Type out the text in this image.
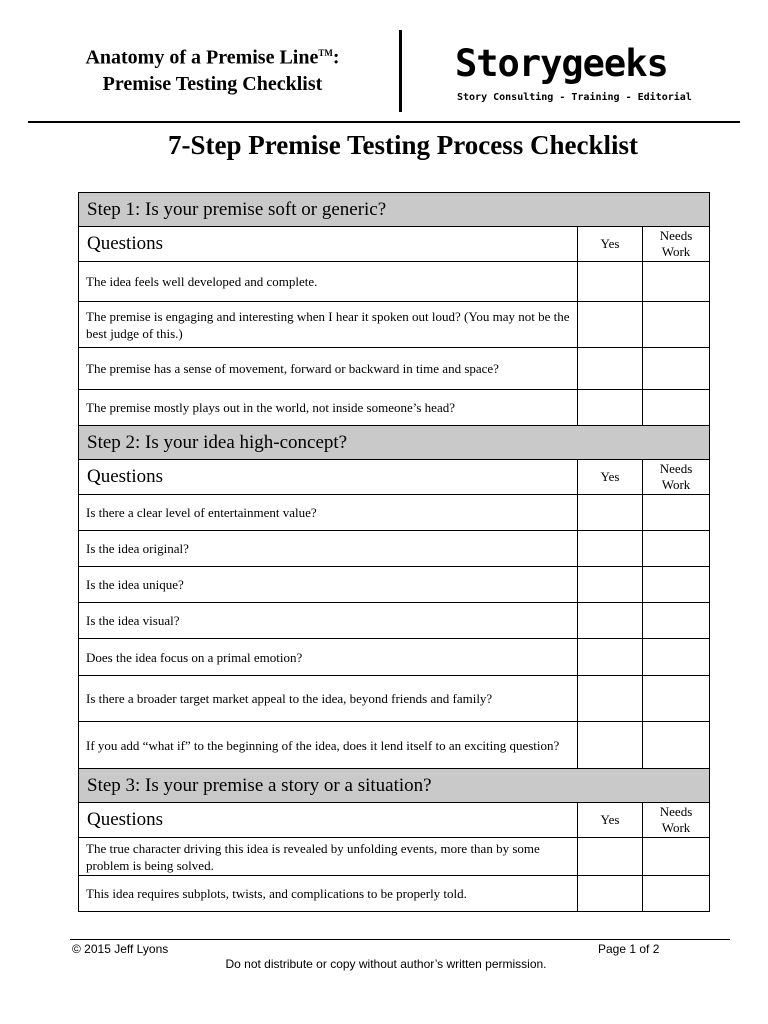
Anatomy of a Premise Line™:
Premise Testing Checklist	Storygeeks
Story Consulting - Training - Editorial
7-Step Premise Testing Process Checklist
Step 1: Is your premise soft or generic?		
Questions	Yes	Needs Work
The idea feels well developed and complete.		
The premise is engaging and interesting when I hear it spoken out loud? (You may not be the best judge of this.)		
The premise has a sense of movement, forward or backward in time and space?		
The premise mostly plays out in the world, not inside someone’s head?		
Step 2: Is your idea high-concept?		
Questions	Yes	Needs Work
Is there a clear level of entertainment value?		
Is the idea original?		
Is the idea unique?		
Is the idea visual?		
Does the idea focus on a primal emotion?		
Is there a broader target market appeal to the idea, beyond friends and family?		
If you add “what if” to the beginning of the idea, does it lend itself to an exciting question?		
Step 3: Is your premise a story or a situation?		
Questions	Yes	Needs Work
The true character driving this idea is revealed by unfolding events, more than by some problem is being solved.		
This idea requires subplots, twists, and complications to be properly told.		
© 2015 Jeff Lyons	Page 1 of 2
Do not distribute or copy without author’s written permission.
